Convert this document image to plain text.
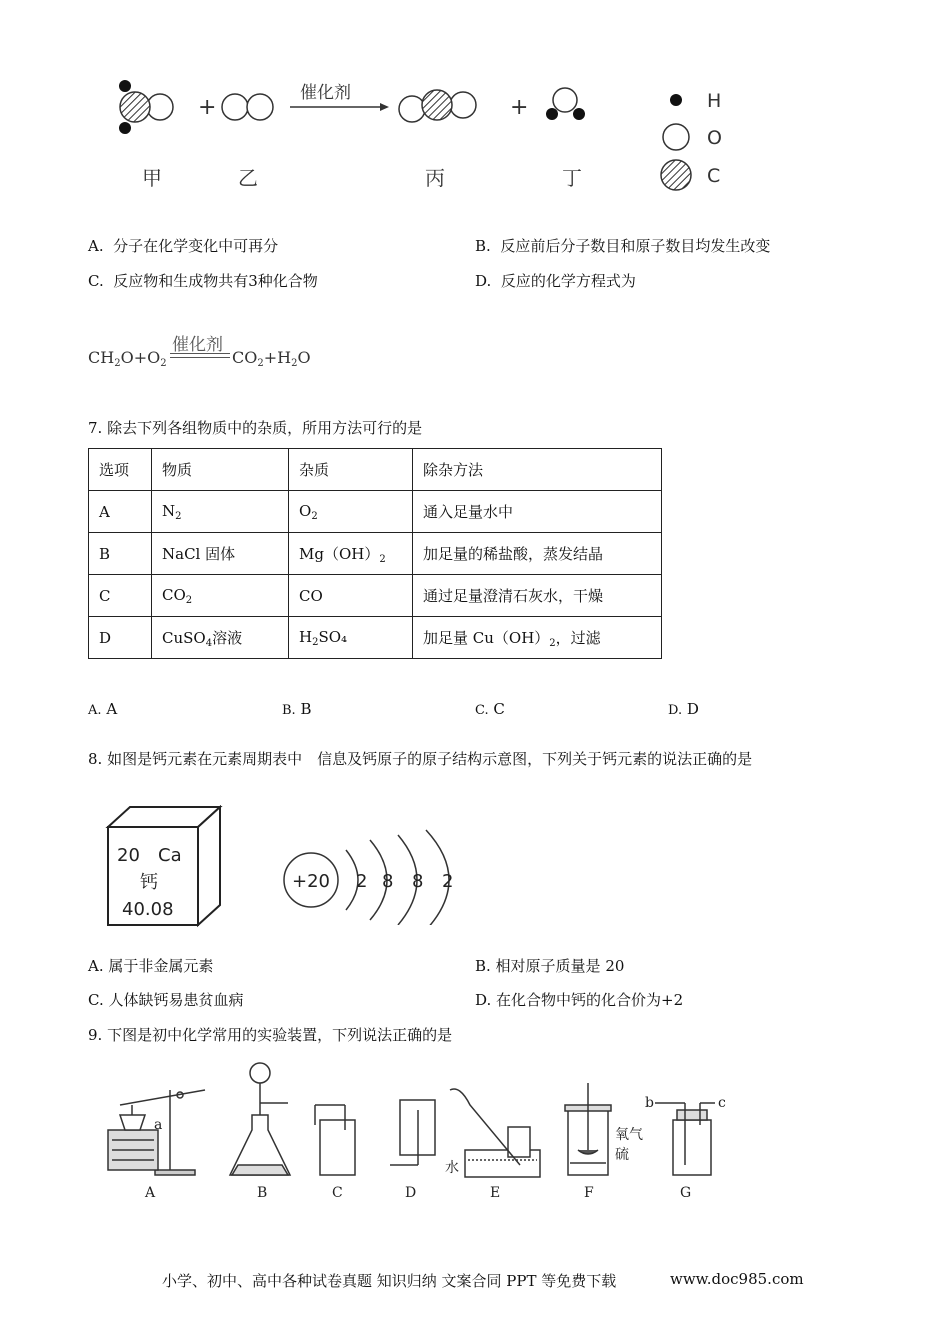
+
催化剂
+
甲	乙	丙	丁
H
O
C
A. 分子在化学变化中可再分	B. 反应前后分子数目和原子数目均发生改变
C. 反应物和生成物共有3种化合物	D. 反应的化学方程式为
催化剂
$CH_2O+O_2$	$CO_2+H_2O$
7. 除去下列各组物质中的杂质，所用方法可行的是
选项	物质	杂质	除杂方法
A	$N_2$	$O_2$	通入足量水中
B	NaCl 固体	$Mg(OH)_2$	加足量的稀盐酸，蒸发结晶
C	$CO_2$	CO	通过足量澄清石灰水，干燥
D	CuSO$_4$溶液	$H_2SO_4$	加足量 $Cu(OH)_2$，过滤
A. A	B. B	C. C	D. D
8. 如图是钙元素在元素周期表中　信息及钙原子的原子结构示意图，下列关于钙元素的说法正确的是
20 Ca
钙
40.08
+20 2 8 8 2
A. 属于非金属元素	B. 相对原子质量是 20
C. 人体缺钙易患贫血病	D. 在化合物中钙的化合价为+2
9. 下图是初中化学常用的实验装置，下列说法正确的是
a
水
氧气
硫
b	c
A	B	C	D	E	F	G
小学、初中、高中各种试卷真题 知识归纳 文案合同 PPT 等免费下载	www.doc985.com
